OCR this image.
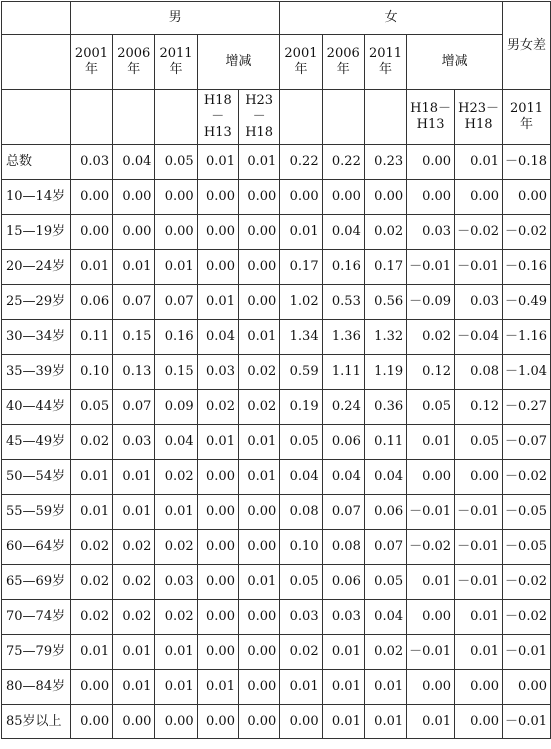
	男					女					男女差
	2001年	2006年	2011年	增减		2001年	2006年	2011年	增减		
				H18－H13	H23－H18				H18－H13	H23－H18	2011年
总数	0.03	0.04	0.05	0.01	0.01	0.22	0.22	0.23	0.00	0.01	－0.18
10—14岁	0.00	0.00	0.00	0.00	0.00	0.00	0.00	0.00	0.00	0.00	0.00
15—19岁	0.00	0.00	0.00	0.00	0.00	0.01	0.04	0.02	0.03	－0.02	－0.02
20—24岁	0.01	0.01	0.01	0.00	0.00	0.17	0.16	0.17	－0.01	－0.01	－0.16
25—29岁	0.06	0.07	0.07	0.01	0.00	1.02	0.53	0.56	－0.09	0.03	－0.49
30—34岁	0.11	0.15	0.16	0.04	0.01	1.34	1.36	1.32	0.02	－0.04	－1.16
35—39岁	0.10	0.13	0.15	0.03	0.02	0.59	1.11	1.19	0.12	0.08	－1.04
40—44岁	0.05	0.07	0.09	0.02	0.02	0.19	0.24	0.36	0.05	0.12	－0.27
45—49岁	0.02	0.03	0.04	0.01	0.01	0.05	0.06	0.11	0.01	0.05	－0.07
50—54岁	0.01	0.01	0.02	0.00	0.01	0.04	0.04	0.04	0.00	0.00	－0.02
55—59岁	0.01	0.01	0.01	0.00	0.00	0.08	0.07	0.06	－0.01	－0.01	－0.05
60—64岁	0.02	0.02	0.02	0.00	0.00	0.10	0.08	0.07	－0.02	－0.01	－0.05
65—69岁	0.02	0.02	0.03	0.00	0.01	0.05	0.06	0.05	0.01	－0.01	－0.02
70—74岁	0.02	0.02	0.02	0.00	0.00	0.03	0.03	0.04	0.00	0.01	－0.02
75—79岁	0.01	0.01	0.01	0.00	0.00	0.02	0.01	0.02	－0.01	0.01	－0.01
80—84岁	0.00	0.01	0.01	0.01	0.00	0.01	0.01	0.01	0.00	0.00	0.00
85岁以上	0.00	0.00	0.00	0.00	0.00	0.00	0.01	0.01	0.01	0.00	－0.01
